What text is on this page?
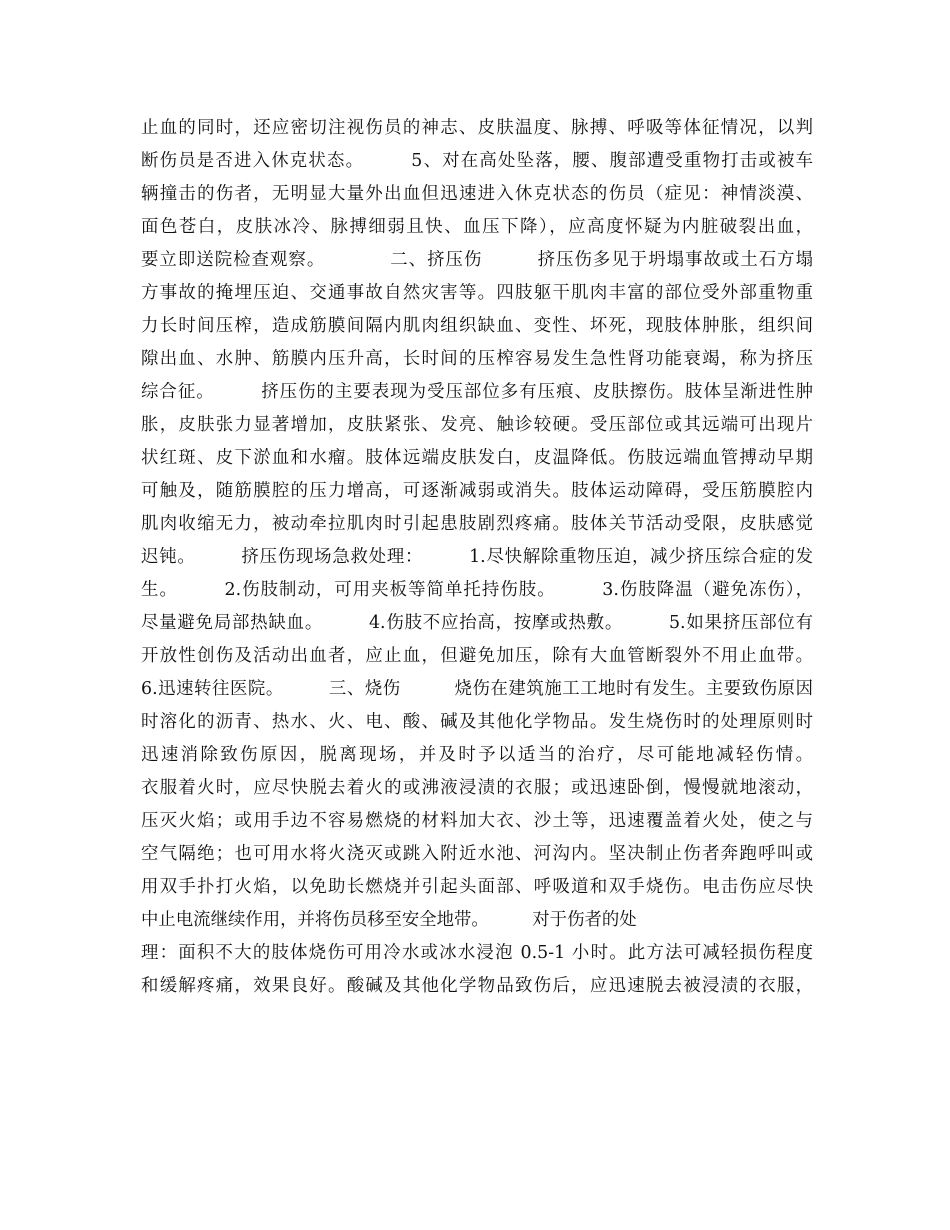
止血的同时，还应密切注视伤员的神志、皮肤温度、脉搏、呼吸等体征情况，以判
断伤员是否进入休克状态。　　　5、对在高处坠落，腰、腹部遭受重物打击或被车
辆撞击的伤者，无明显大量外出血但迅速进入休克状态的伤员（症见：神情淡漠、
面色苍白，皮肤冰冷、脉搏细弱且快、血压下降），应高度怀疑为内脏破裂出血，
要立即送院检查观察。　　　　二、挤压伤　　　挤压伤多见于坍塌事故或土石方塌
方事故的掩埋压迫、交通事故自然灾害等。四肢躯干肌肉丰富的部位受外部重物重
力长时间压榨，造成筋膜间隔内肌肉组织缺血、变性、坏死，现肢体肿胀，组织间
隙出血、水肿、筋膜内压升高，长时间的压榨容易发生急性肾功能衰竭，称为挤压
综合征。　　　挤压伤的主要表现为受压部位多有压痕、皮肤擦伤。肢体呈渐进性肿
胀，皮肤张力显著增加，皮肤紧张、发亮、触诊较硬。受压部位或其远端可出现片
状红斑、皮下淤血和水瘤。肢体远端皮肤发白，皮温降低。伤肢远端血管搏动早期
可触及，随筋膜腔的压力增高，可逐渐减弱或消失。肢体运动障碍，受压筋膜腔内
肌肉收缩无力，被动牵拉肌肉时引起患肢剧烈疼痛。肢体关节活动受限，皮肤感觉
迟钝。　　　挤压伤现场急救处理：　　　1.尽快解除重物压迫，减少挤压综合症的发
生。　　　2.伤肢制动，可用夹板等简单托持伤肢。　　　3.伤肢降温（避免冻伤），
尽量避免局部热缺血。　　　4.伤肢不应抬高，按摩或热敷。　　　5.如果挤压部位有
开放性创伤及活动出血者，应止血，但避免加压，除有大血管断裂外不用止血带。
6.迅速转往医院。　　　三、烧伤　　　烧伤在建筑施工工地时有发生。主要致伤原因
时溶化的沥青、热水、火、电、酸、碱及其他化学物品。发生烧伤时的处理原则时
迅速消除致伤原因，脱离现场，并及时予以适当的治疗，尽可能地减轻伤情。
衣服着火时，应尽快脱去着火的或沸液浸渍的衣服；或迅速卧倒，慢慢就地滚动，
压灭火焰；或用手边不容易燃烧的材料加大衣、沙土等，迅速覆盖着火处，使之与
空气隔绝；也可用水将火浇灭或跳入附近水池、河沟内。坚决制止伤者奔跑呼叫或
用双手扑打火焰，以免助长燃烧并引起头面部、呼吸道和双手烧伤。电击伤应尽快
中止电流继续作用，并将伤员移至安全地带。　　　对于伤者的处
理：面积不大的肢体烧伤可用冷水或冰水浸泡 0.5-1 小时。此方法可减轻损伤程度
和缓解疼痛，效果良好。酸碱及其他化学物品致伤后，应迅速脱去被浸渍的衣服，
